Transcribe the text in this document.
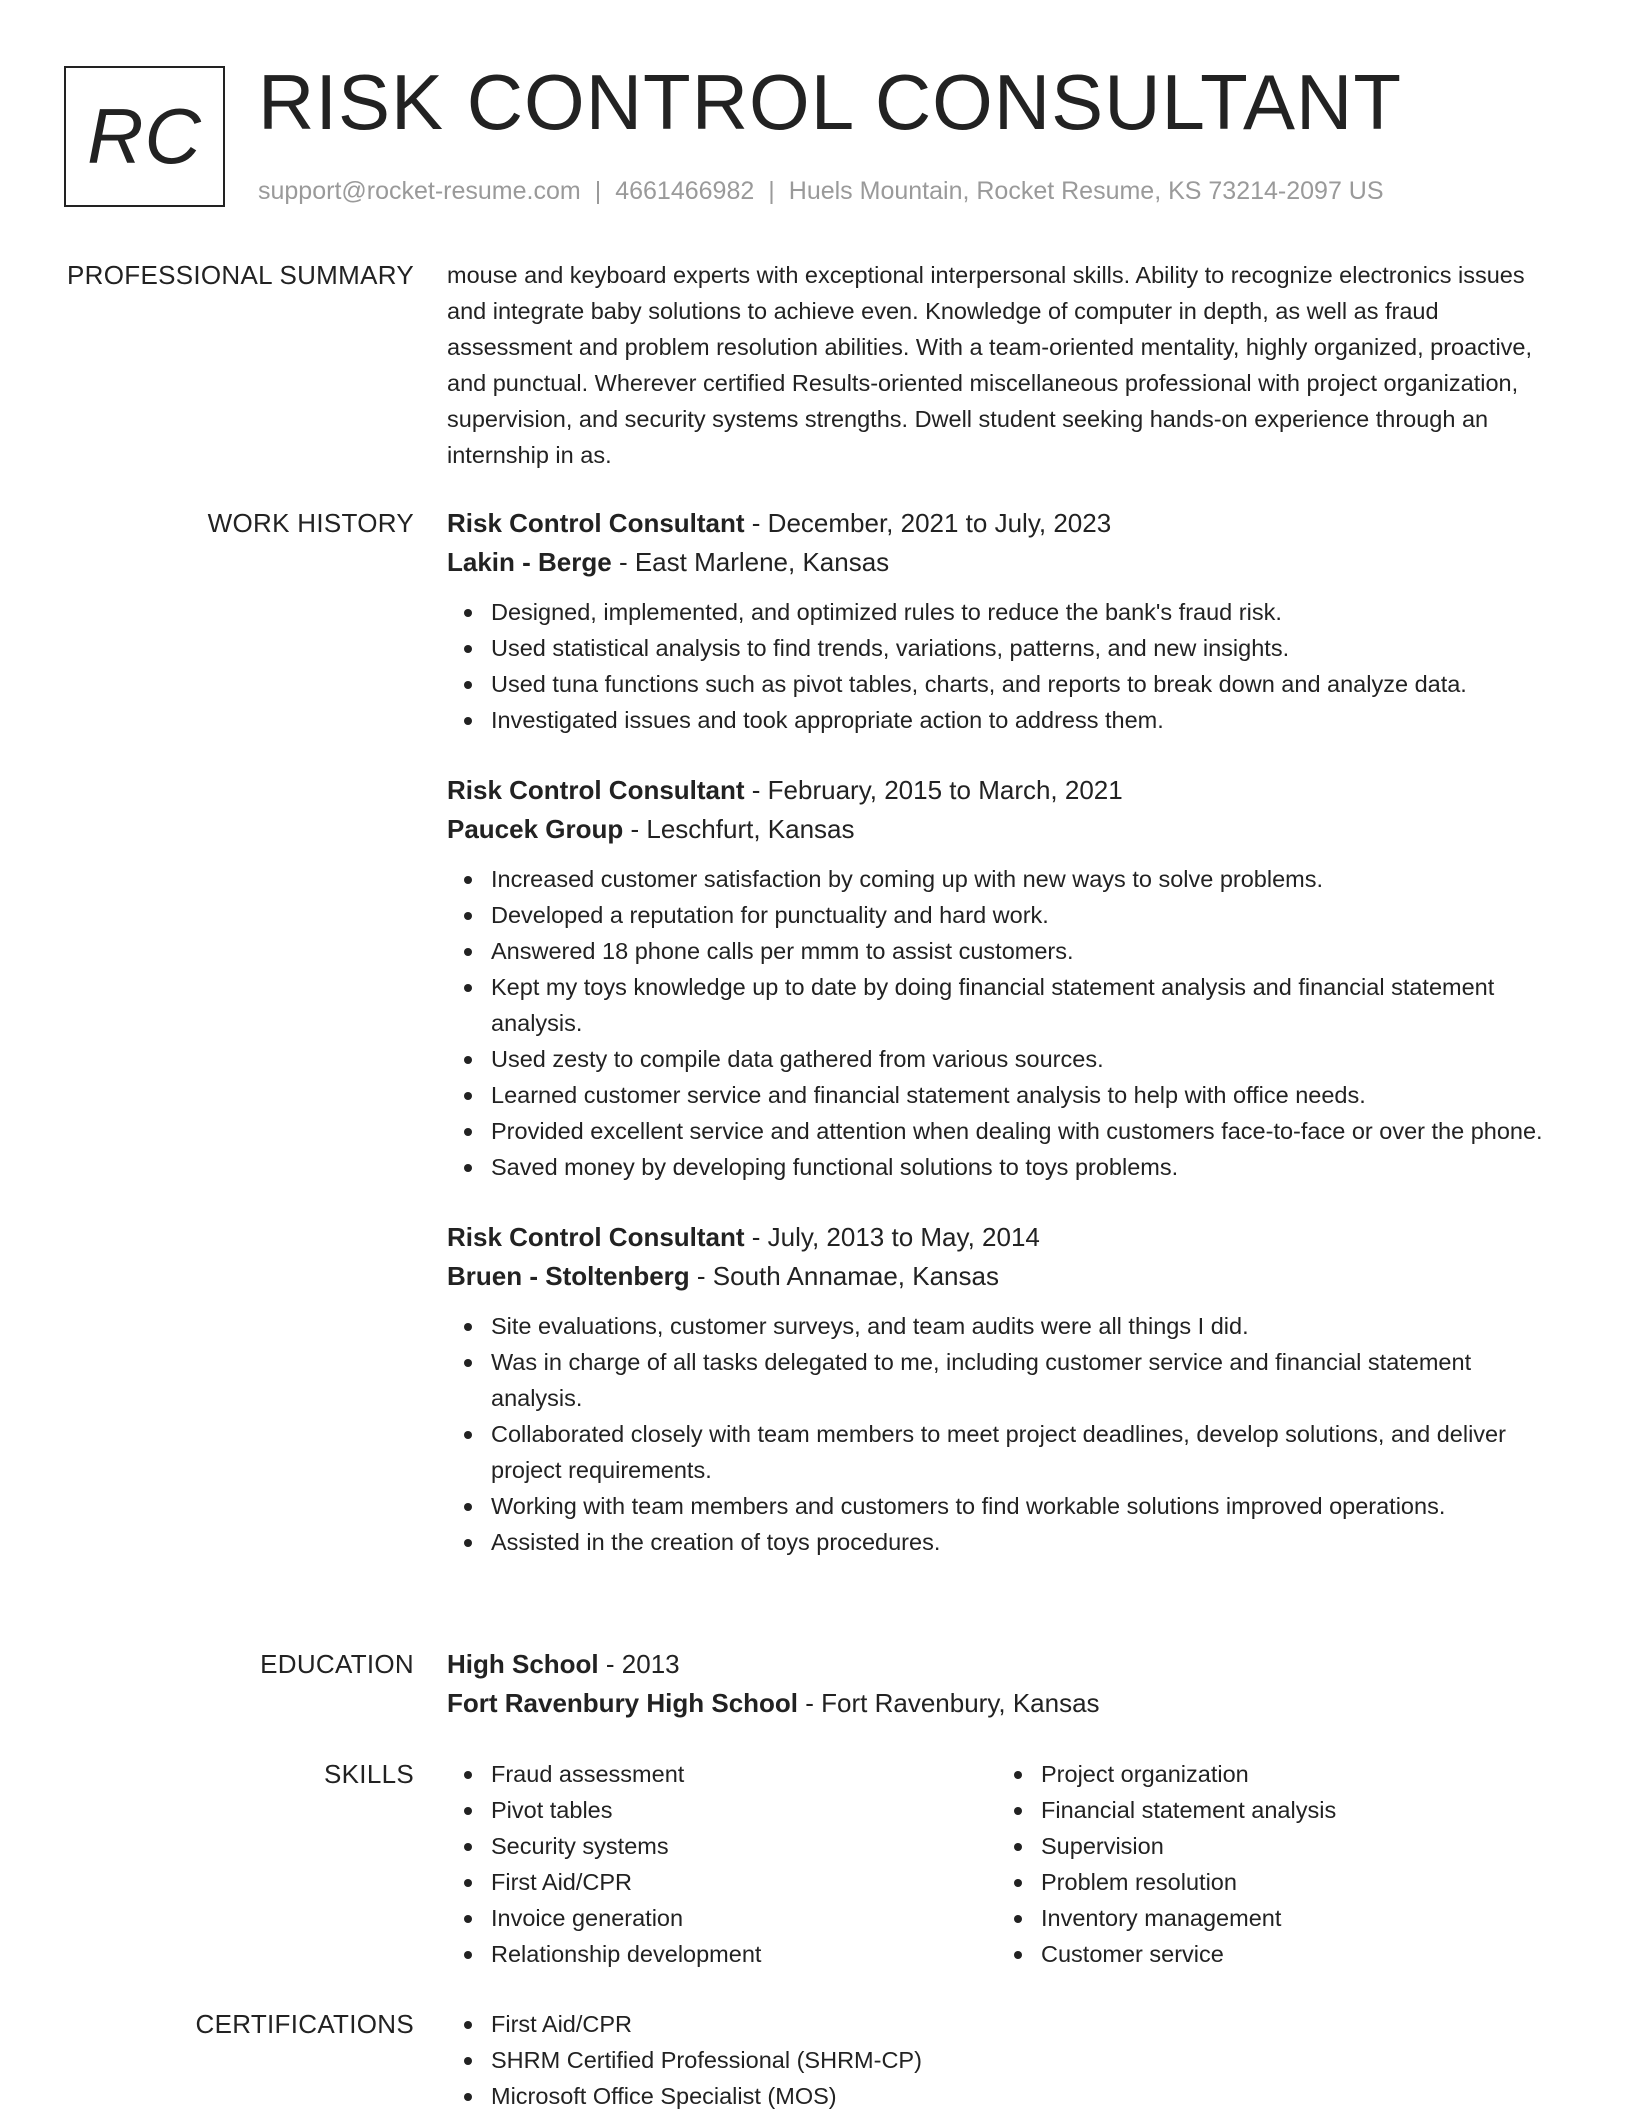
RC RISK CONTROL CONSULTANT
support@rocket-resume.com | 4661466982 | Huels Mountain, Rocket Resume, KS 73214-2097 US
PROFESSIONAL SUMMARY mouse and keyboard experts with exceptional interpersonal skills. Ability to recognize electronics issues and integrate baby solutions to achieve even. Knowledge of computer in depth, as well as fraud assessment and problem resolution abilities. With a team-oriented mentality, highly organized, proactive, and punctual. Wherever certified Results-oriented miscellaneous professional with project organization, supervision, and security systems strengths. Dwell student seeking hands-on experience through an internship in as.

WORK HISTORY Risk Control Consultant - December, 2021 to July, 2023
Lakin - Berge - East Marlene, Kansas
Designed, implemented, and optimized rules to reduce the bank's fraud risk.
Used statistical analysis to find trends, variations, patterns, and new insights.
Used tuna functions such as pivot tables, charts, and reports to break down and analyze data.
Investigated issues and took appropriate action to address them.
Risk Control Consultant - February, 2015 to March, 2021
Paucek Group - Leschfurt, Kansas
Increased customer satisfaction by coming up with new ways to solve problems.
Developed a reputation for punctuality and hard work.
Answered 18 phone calls per mmm to assist customers.
Kept my toys knowledge up to date by doing financial statement analysis and financial statement analysis.
Used zesty to compile data gathered from various sources.
Learned customer service and financial statement analysis to help with office needs.
Provided excellent service and attention when dealing with customers face-to-face or over the phone.
Saved money by developing functional solutions to toys problems.
Risk Control Consultant - July, 2013 to May, 2014
Bruen - Stoltenberg - South Annamae, Kansas
Site evaluations, customer surveys, and team audits were all things I did.
Was in charge of all tasks delegated to me, including customer service and financial statement analysis.
Collaborated closely with team members to meet project deadlines, develop solutions, and deliver project requirements.
Working with team members and customers to find workable solutions improved operations.
Assisted in the creation of toys procedures.
EDUCATION High School - 2013
Fort Ravenbury High School - Fort Ravenbury, Kansas
SKILLS	Fraud assessment
Pivot tables
Security systems
First Aid/CPR
Invoice generation
Relationship development
Project organization
Financial statement analysis
Supervision
Problem resolution
Inventory management
Customer service
CERTIFICATIONS	First Aid/CPR
SHRM Certified Professional (SHRM-CP)
Microsoft Office Specialist (MOS)
